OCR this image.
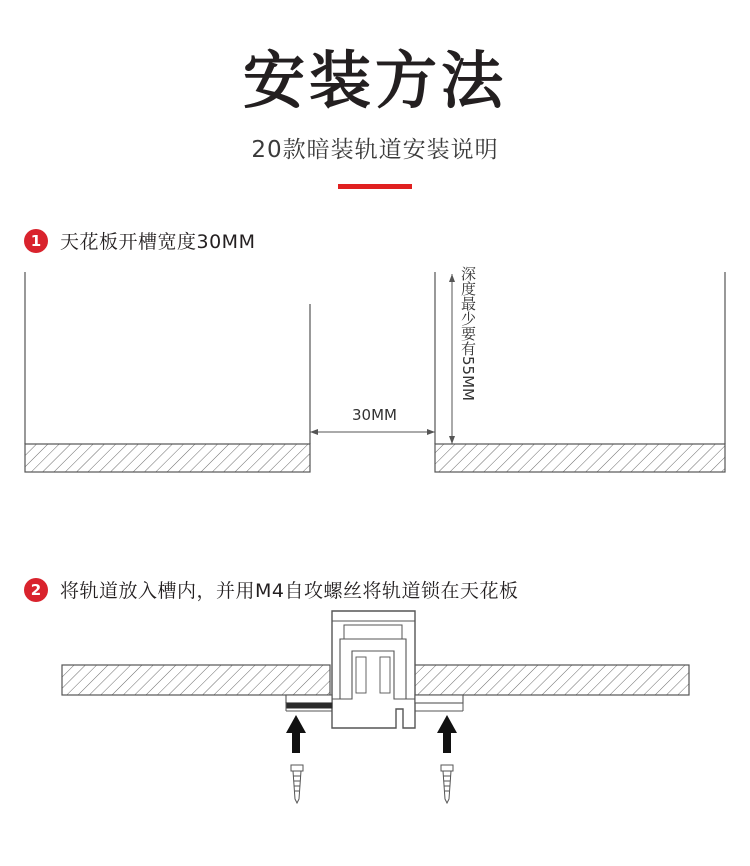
安装方法
20款暗装轨道安装说明
1 天花板开槽宽度30MM
30MM
深度最少要有55MM
2 将轨道放入槽内，并用M4自攻螺丝将轨道锁在天花板
